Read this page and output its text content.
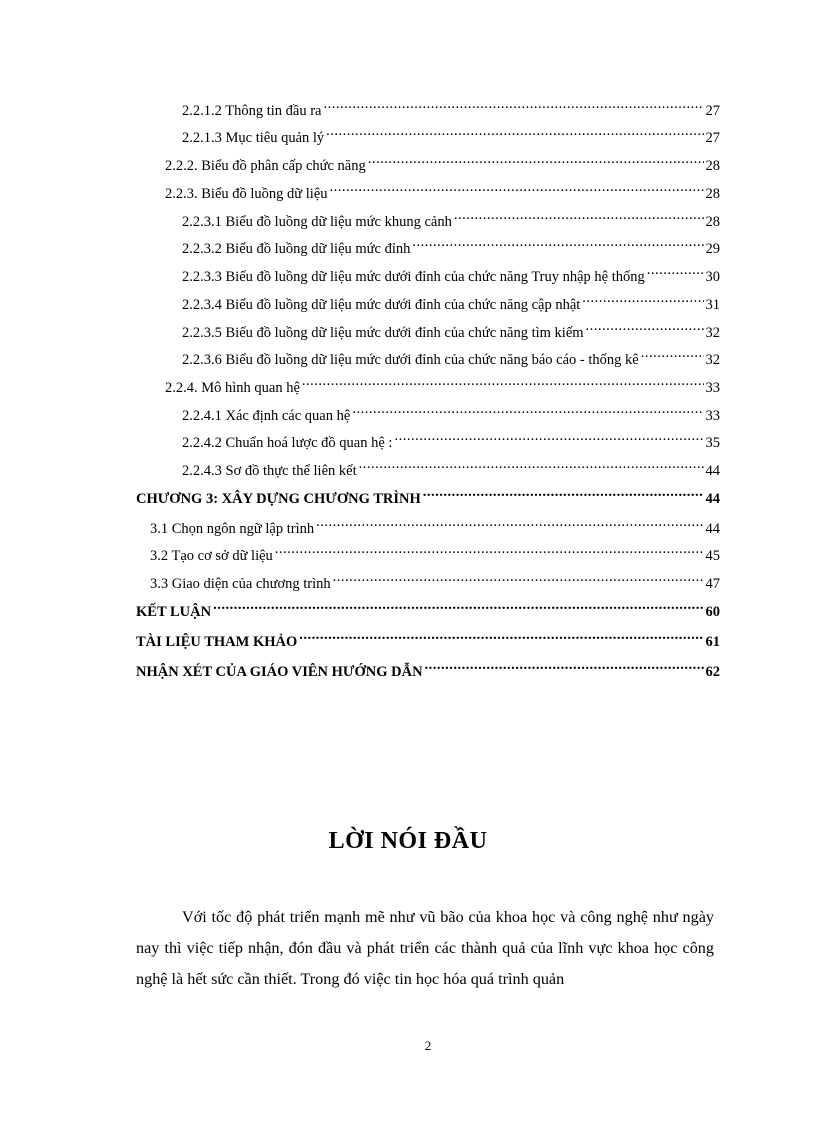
2.2.1.2 Thông tin đầu ra .....	27
2.2.1.3 Mục tiêu quản lý .....	27
2.2.2. Biểu đồ phân cấp chức năng .....	28
2.2.3. Biểu đồ luồng dữ liệu .....	28
2.2.3.1 Biểu đồ luồng dữ liệu mức khung cảnh .....	28
2.2.3.2 Biểu đồ luồng dữ liệu mức đỉnh .....	29
2.2.3.3 Biểu đồ luồng dữ liệu mức dưới đỉnh của chức năng Truy nhập hệ thống .....	30
2.2.3.4 Biểu đồ luồng dữ liệu mức dưới đỉnh của chức năng cập nhật .....	31
2.2.3.5 Biểu đồ luồng dữ liệu mức dưới đỉnh của chức năng tìm kiếm .....	32
2.2.3.6 Biểu đồ luồng dữ liệu mức dưới đỉnh của chức năng báo cáo - thống kê .....	32
2.2.4. Mô hình quan hệ .....	33
2.2.4.1 Xác định các quan hệ .....	33
2.2.4.2 Chuẩn hoá lược đồ quan hệ : .....	35
2.2.4.3 Sơ đồ thực thể liên kết .....	44
CHƯƠNG 3: XÂY DỰNG CHƯƠNG TRÌNH .....	44
3.1 Chọn ngôn ngữ lập trình .....	44
3.2 Tạo cơ sở dữ liệu .....	45
3.3 Giao diện của chương trình .....	47
KẾT LUẬN .....	60
TÀI LIỆU THAM KHẢO .....	61
NHẬN XÉT CỦA GIÁO VIÊN HƯỚNG DẪN .....	62
LỜI NÓI ĐẦU

Với tốc độ phát triển mạnh mẽ như vũ bão của khoa học và công nghệ như ngày nay thì việc tiếp nhận, đón đầu và phát triển các thành quả của lĩnh vực khoa học công nghệ là hết sức cần thiết. Trong đó việc tin học hóa quá trình quản

2
